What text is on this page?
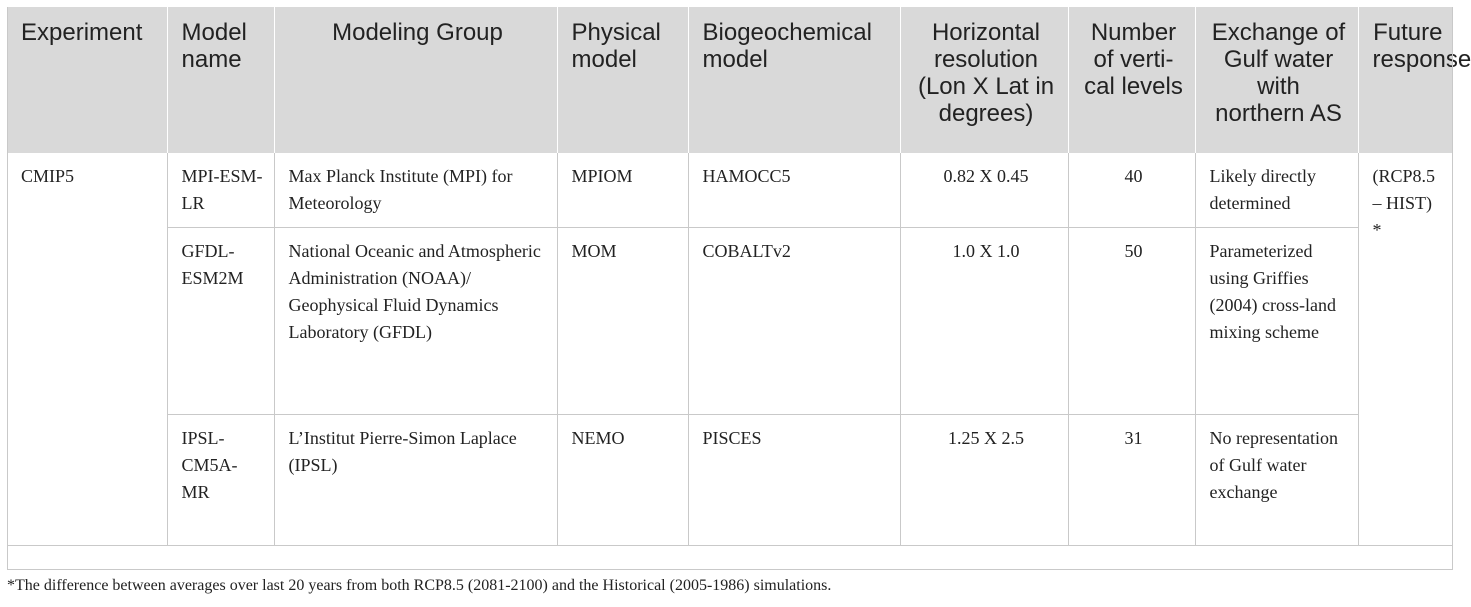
Experiment	Model name	Modeling Group	Physical model	Biogeochemical model	Horizontal resolution (Lon X Lat in degrees)	Number of verti-cal levels	Exchange of Gulf water with northern AS	Future response
CMIP5	MPI-ESM-LR	Max Planck Institute (MPI) for Meteorology	MPIOM	HAMOCC5	0.82 X 0.45	40	Likely directly determined	(RCP8.5 – HIST) *
	GFDL-ESM2M	National Oceanic and Atmospheric Administration (NOAA)/ Geophysical Fluid Dynamics Laboratory (GFDL)	MOM	COBALTv2	1.0 X 1.0	50	Parameterized using Griffies (2004) cross-land mixing scheme	
	IPSL-CM5A-MR	L’Institut Pierre-Simon Laplace (IPSL)	NEMO	PISCES	1.25 X 2.5	31	No representation of Gulf water exchange	
*The difference between averages over last 20 years from both RCP8.5 (2081-2100) and the Historical (2005-1986) simulations.
